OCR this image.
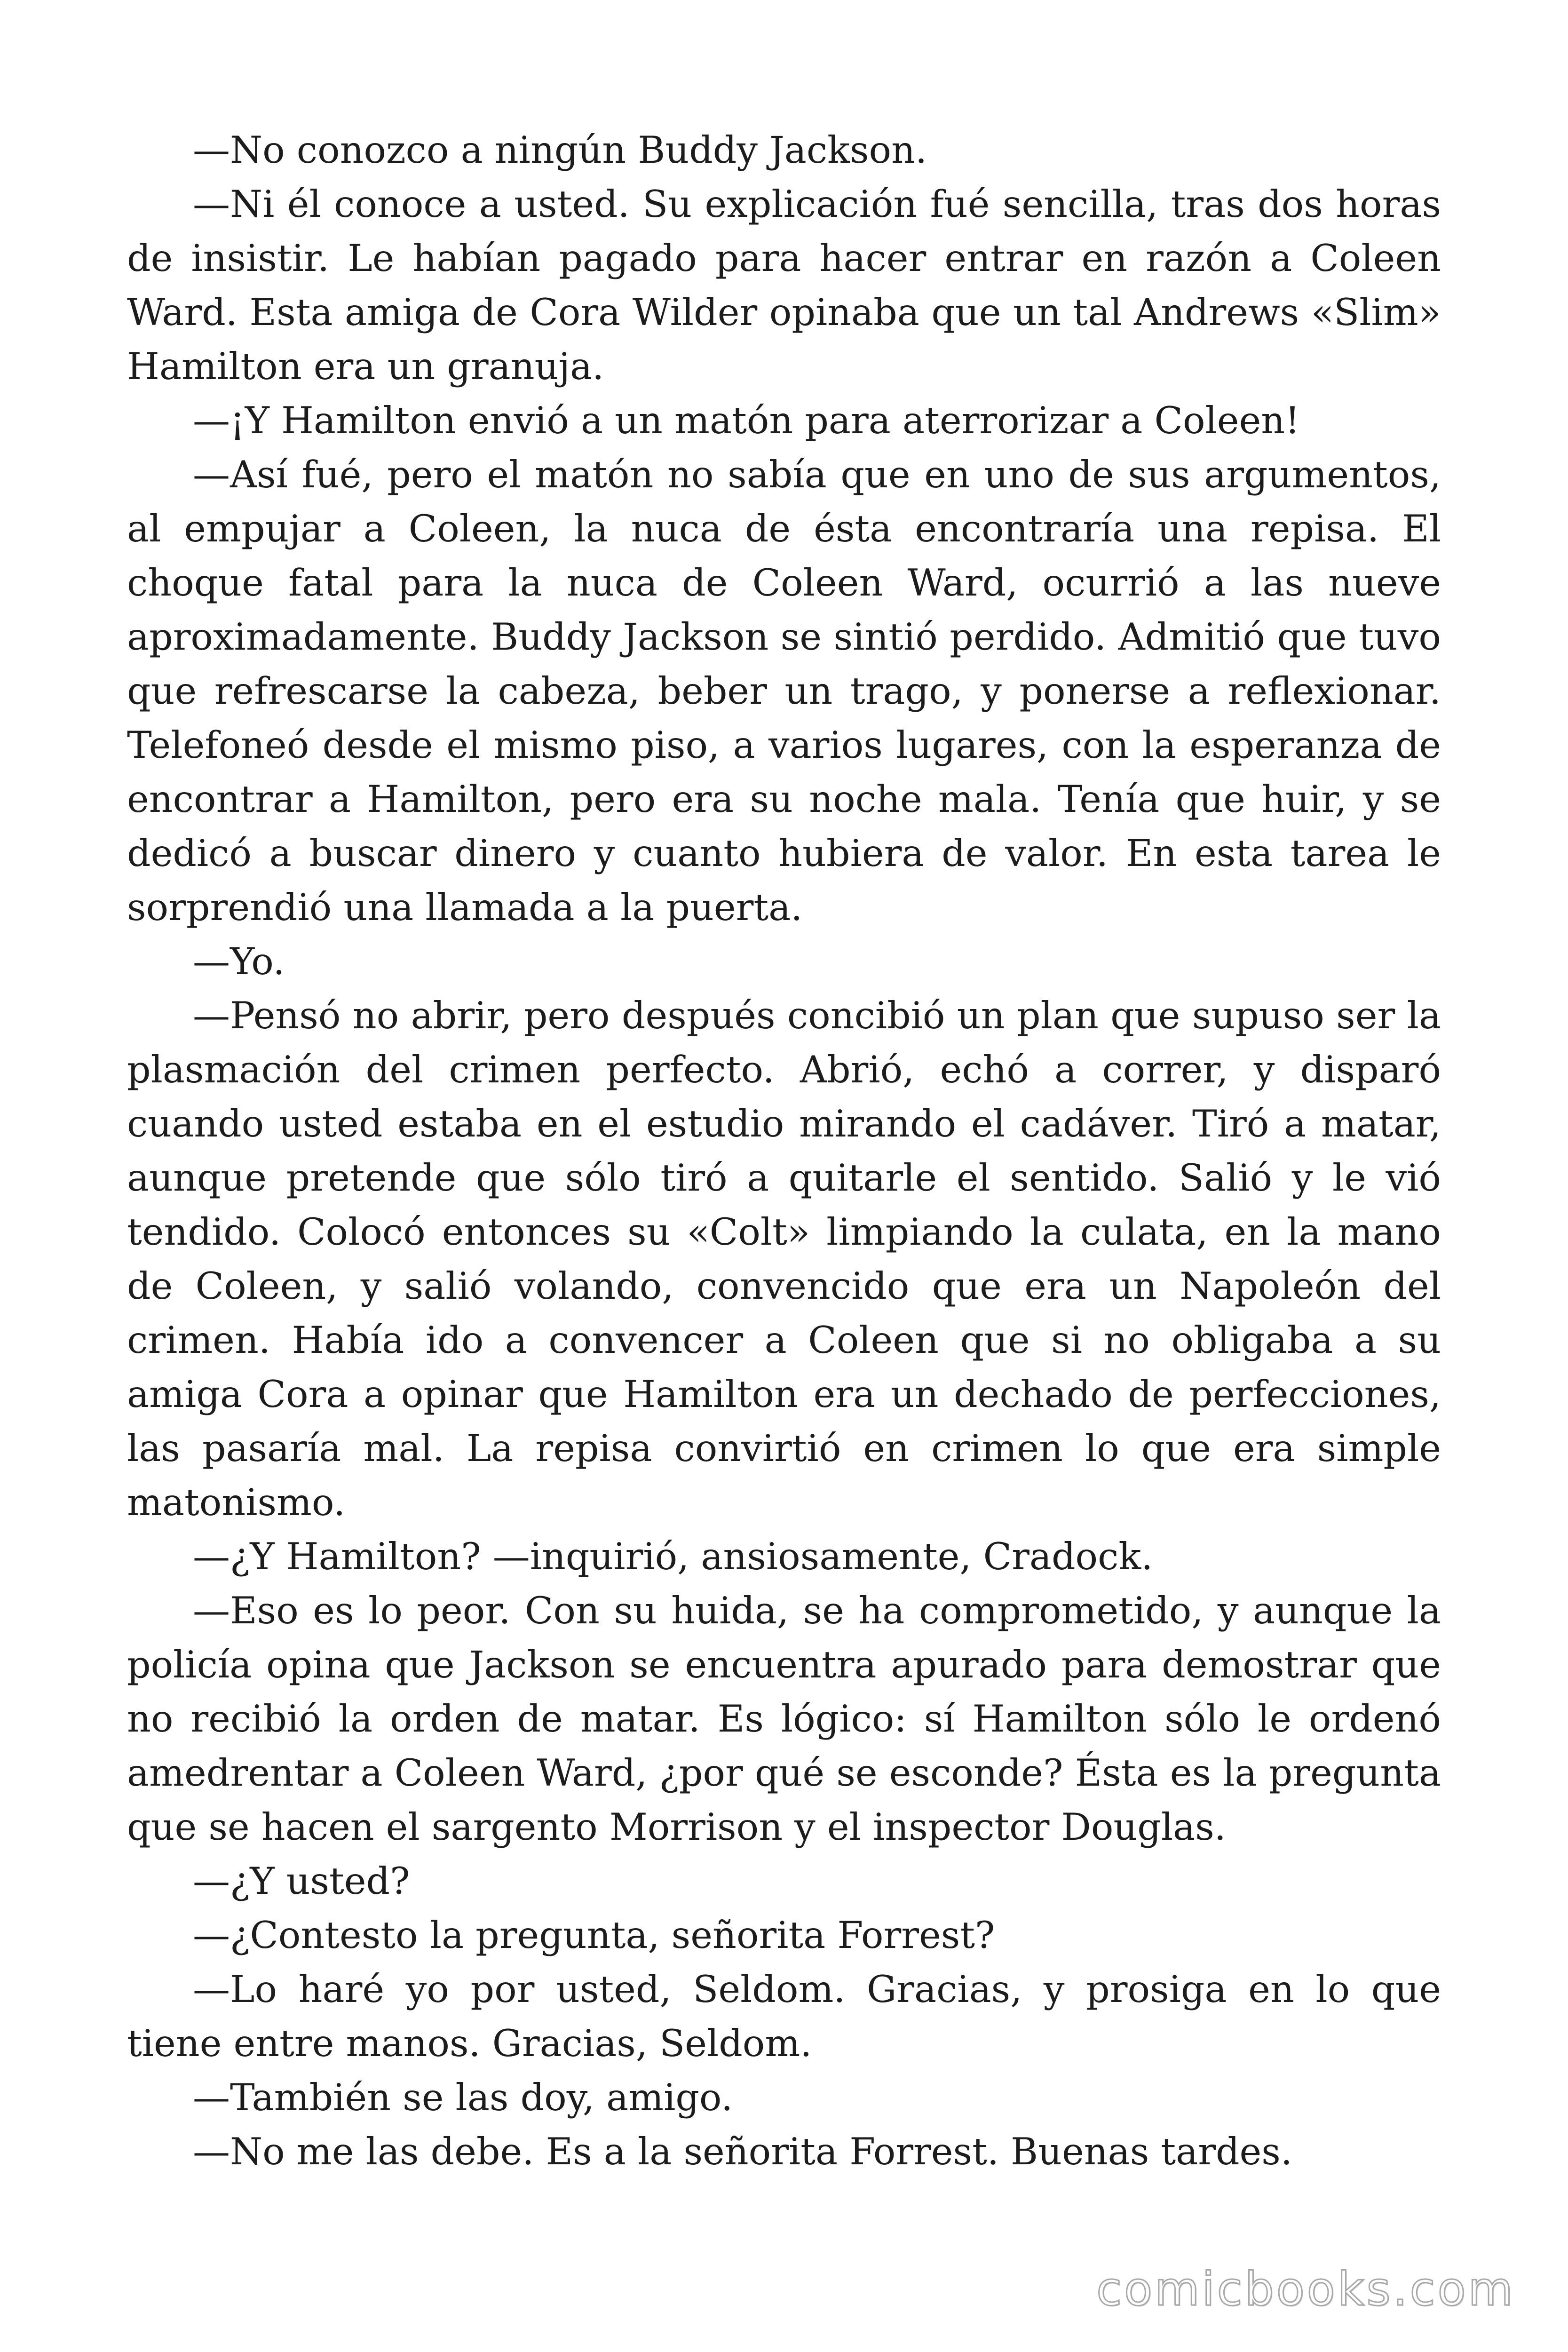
—No conozco a ningún Buddy Jackson.

—Ni él conoce a usted. Su explicación fué sencilla, tras dos horas de insistir. Le habían pagado para hacer entrar en razón a Coleen Ward. Esta amiga de Cora Wilder opinaba que un tal Andrews «Slim» Hamilton era un granuja.

—¡Y Hamilton envió a un matón para aterrorizar a Coleen!

—Así fué, pero el matón no sabía que en uno de sus argumentos, al empujar a Coleen, la nuca de ésta encontraría una repisa. El choque fatal para la nuca de Coleen Ward, ocurrió a las nueve aproximadamente. Buddy Jackson se sintió perdido. Admitió que tuvo que refrescarse la cabeza, beber un trago, y ponerse a reflexionar. Telefoneó desde el mismo piso, a varios lugares, con la esperanza de encontrar a Hamilton, pero era su noche mala. Tenía que huir, y se dedicó a buscar dinero y cuanto hubiera de valor. En esta tarea le sorprendió una llamada a la puerta.

—Yo.

—Pensó no abrir, pero después concibió un plan que supuso ser la plasmación del crimen perfecto. Abrió, echó a correr, y disparó cuando usted estaba en el estudio mirando el cadáver. Tiró a matar, aunque pretende que sólo tiró a quitarle el sentido. Salió y le vió tendido. Colocó entonces su «Colt» limpiando la culata, en la mano de Coleen, y salió volando, convencido que era un Napoleón del crimen. Había ido a convencer a Coleen que si no obligaba a su amiga Cora a opinar que Hamilton era un dechado de perfecciones, las pasaría mal. La repisa convirtió en crimen lo que era simple matonismo.

—¿Y Hamilton? —inquirió, ansiosamente, Cradock.

—Eso es lo peor. Con su huida, se ha comprometido, y aunque la policía opina que Jackson se encuentra apurado para demostrar que no recibió la orden de matar. Es lógico: sí Hamilton sólo le ordenó amedrentar a Coleen Ward, ¿por qué se esconde? Ésta es la pregunta que se hacen el sargento Morrison y el inspector Douglas.

—¿Y usted?

—¿Contesto la pregunta, señorita Forrest?

—Lo haré yo por usted, Seldom. Gracias, y prosiga en lo que tiene entre manos. Gracias, Seldom.

—También se las doy, amigo.

—No me las debe. Es a la señorita Forrest. Buenas tardes.

comicbooks.com
